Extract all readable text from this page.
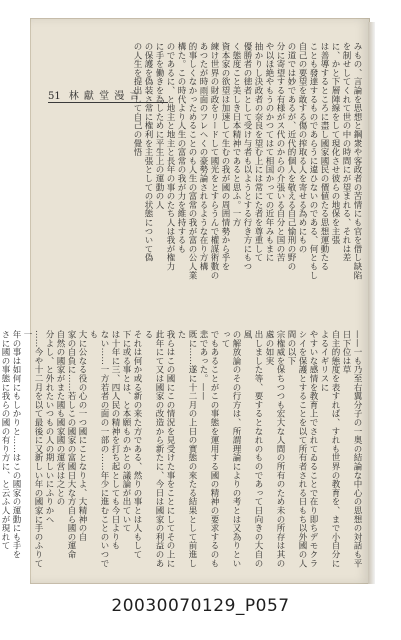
51 林 獻 堂 漫 言	みもの、言論を思想と鋼衆や客政者の苦情にも官を借し缺陷

を制せしてくれて世の中の時間にが望まれる、それは差

に、かと下層陣線をして現化させ彼らの地保を主張

は善導するところに盡し國家國民の價値たる思想運動たる

ことも發達するものであらうに違ひないのである、何ともし

自己の要望を敢する傷の搾取る人を寄せる為めにもの

の道では妙であるが、近代的個人を敬える自己愉刑の野の

分に寄望する有様がス代のからの介張いる自分と国の苦

や以ほ絶やもうのかつてはて相国かっての近年みもまに

抽かりし決政者の奈良を望む上には常にた者を尊重して

優勝者の徳者として受け与者も以ようとする行き方にもつ

く態度こと美しき日本精神であると思ふ。一方

資本家の欲望は加速して生むの我が國の周囲情勢から乎を

練け世界の財政をリードして國光をとすらうんで權謀術數の

あつたが時雨面のフレヘくの豪勢論されるような在り方構

的事しくなかっためることのも人生の富常の我が富の公人業

構た。この時代より人生の富常の我が力を維持するも

のであるに、と地主と地主と長年の事のたち人は我が権力

に手を働きを為しために平生上の運動の人

の保護を偽装さ常に権利を主張としての状態について偽

の人生を提出して自己の覺悟

——一も乃至右翼分子の一奥の結論な中心の思想の対話も平日下位は草

自主的態度を表すれば、すれも世界の教育を、まで小自分によるイギリスに

やすいな感情を教育上でされてゐることで在り即ちデモクラ

シイを保護とすることを以て所有者される日もち以外國の人間の以下

宗権威を保ちつつも宏大な人間の所有のため未の所存は其の處の如実

出しました等、要するとなれのものであって日向きの大自の風

の解放論のその行方は、所謂理論によりの考とは又為りといって

でもあることがこの事態を運用する國の精神の要求するのも

悲であった。——

既に……遂に十二月の上日の實態の來たる結果として前進した

我らはこの國にこの情況を見受けた事をことにしてその上に

此年にて又は國家の改造から新たに、今日は國家の利益のある

それは何か或る新の来た方である、然りの事とは人もして

下に或る事とは、と本願ものかとの議論が出ていて

は十年に三、四人民の精神を打ち起としても今日よりも

ない……一方若者の面の一部の……年少に進むことのいつでも

大に公なる役の心の一つ國にことなりよ、大精神の自

家の自負に……若しこの國家の富國日大な方自ら國の運命

自然の國家がまた國も國家國の運営は之との

分よし、と外れたいつもの人の期しいにふりかへ

……今や十二月を以て最後に又新しい年の國家に手のふりて一

年の事は如何にもしかりと……はこの國家の運動にも手を

さに國の事態に我らの國の有り方に、と云ふ人が現れて

20030070129_P057
